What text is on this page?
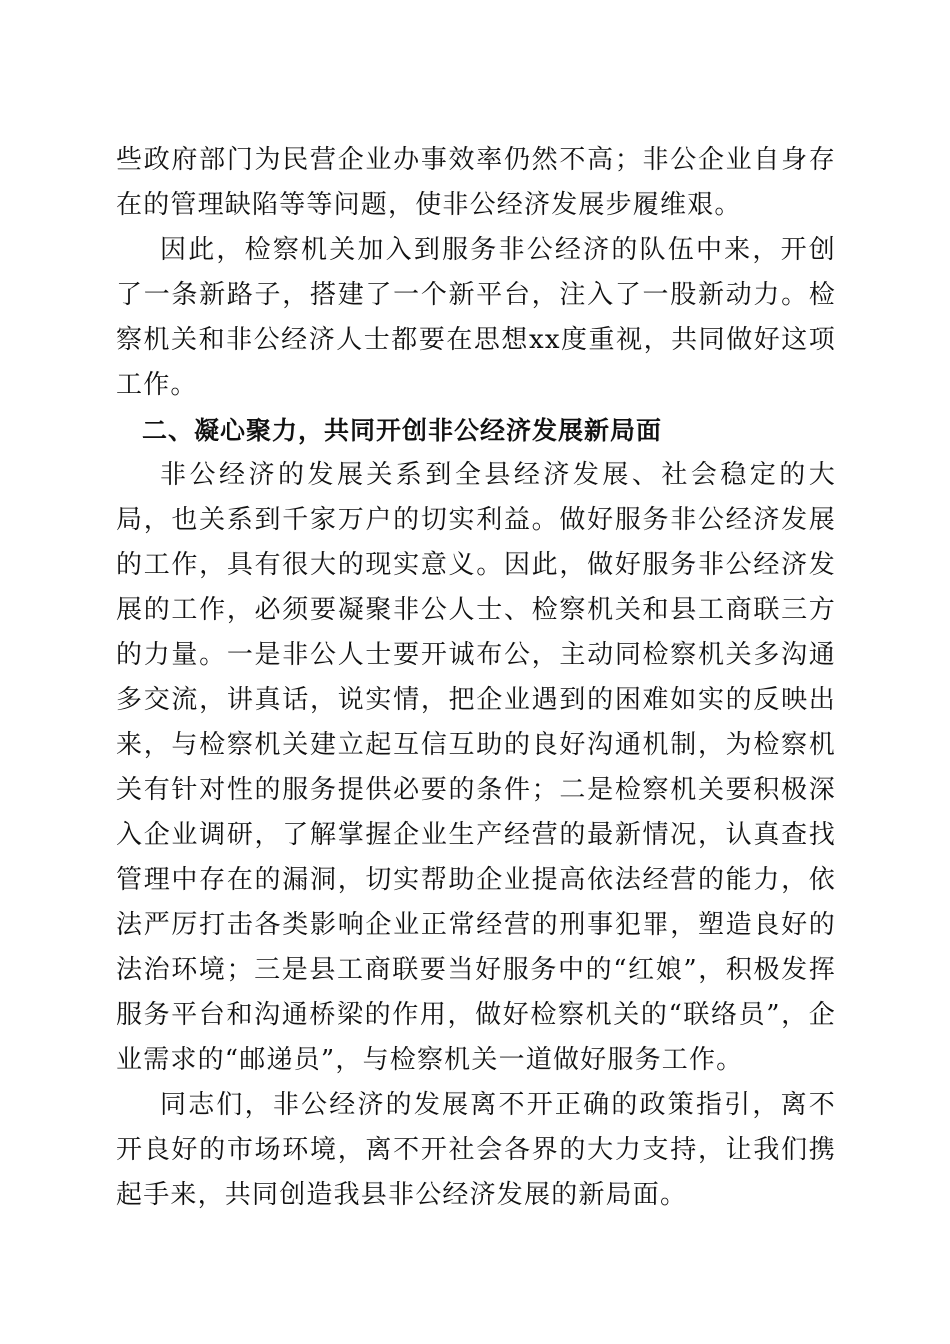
些政府部门为民营企业办事效率仍然不高；非公企业自身存在的管理缺陷等等问题，使非公经济发展步履维艰。

因此，检察机关加入到服务非公经济的队伍中来，开创了一条新路子，搭建了一个新平台，注入了一股新动力。检察机关和非公经济人士都要在思想xx度重视，共同做好这项工作。

二、凝心聚力，共同开创非公经济发展新局面

非公经济的发展关系到全县经济发展、社会稳定的大局，也关系到千家万户的切实利益。做好服务非公经济发展的工作，具有很大的现实意义。因此，做好服务非公经济发展的工作，必须要凝聚非公人士、检察机关和县工商联三方的力量。一是非公人士要开诚布公，主动同检察机关多沟通多交流，讲真话，说实情，把企业遇到的困难如实的反映出来，与检察机关建立起互信互助的良好沟通机制，为检察机关有针对性的服务提供必要的条件；二是检察机关要积极深入企业调研，了解掌握企业生产经营的最新情况，认真查找管理中存在的漏洞，切实帮助企业提高依法经营的能力，依法严厉打击各类影响企业正常经营的刑事犯罪，塑造良好的法治环境；三是县工商联要当好服务中的“红娘”，积极发挥服务平台和沟通桥梁的作用，做好检察机关的“联络员”，企业需求的“邮递员”，与检察机关一道做好服务工作。

同志们，非公经济的发展离不开正确的政策指引，离不开良好的市场环境，离不开社会各界的大力支持，让我们携起手来，共同创造我县非公经济发展的新局面。
